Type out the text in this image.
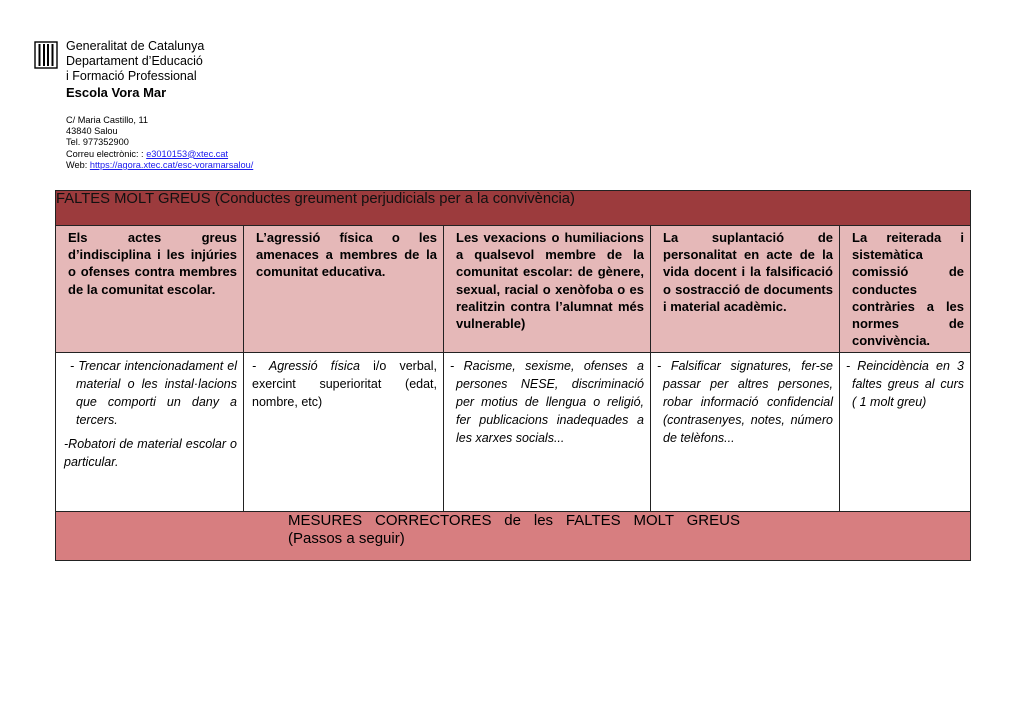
Generalitat de Catalunya
Departament d’Educació
i Formació Professional
Escola Vora Mar
C/ Maria Castillo, 11
43840 Salou
Tel. 977352900
Correu electrònic: : e3010153@xtec.cat
Web: https://agora.xtec.cat/esc-voramarsalou/
FALTES MOLT GREUS (Conductes greument perjudicials per a la convivència)				

Els actes greus d’indisciplina i les injúries o ofenses contra membres de la comunitat escolar.	L’agressió física o les amenaces a membres de la comunitat educativa.	Les vexacions o humiliacions a qualsevol membre de la comunitat escolar: de gènere, sexual, racial o xenòfoba o es realitzin contra l’alumnat més vulnerable)	La suplantació de personalitat en acte de la vida docent i la falsificació o sostracció de documents i material acadèmic.	La reiterada i sistemàtica comissió de conductes contràries a les normes de convivència.

- Trencar intencionadament el material o les instal·lacions que comporti un dany a tercers.
-Robatori de material escolar o particular.	- Agressió física i/o verbal, exercint superioritat (edat, nombre, etc)	- Racisme, sexisme, ofenses a persones NESE, discriminació per motius de llengua o religió, fer publicacions inadequades a les xarxes socials...	- Falsificar signatures, fer-se passar per altres persones, robar informació confidencial (contrasenyes, notes, número de telèfons...	- Reincidència en 3 faltes greus al curs ( 1 molt greu)

MESURES CORRECTORES de les FALTES MOLT GREUS (Passos a seguir)				
